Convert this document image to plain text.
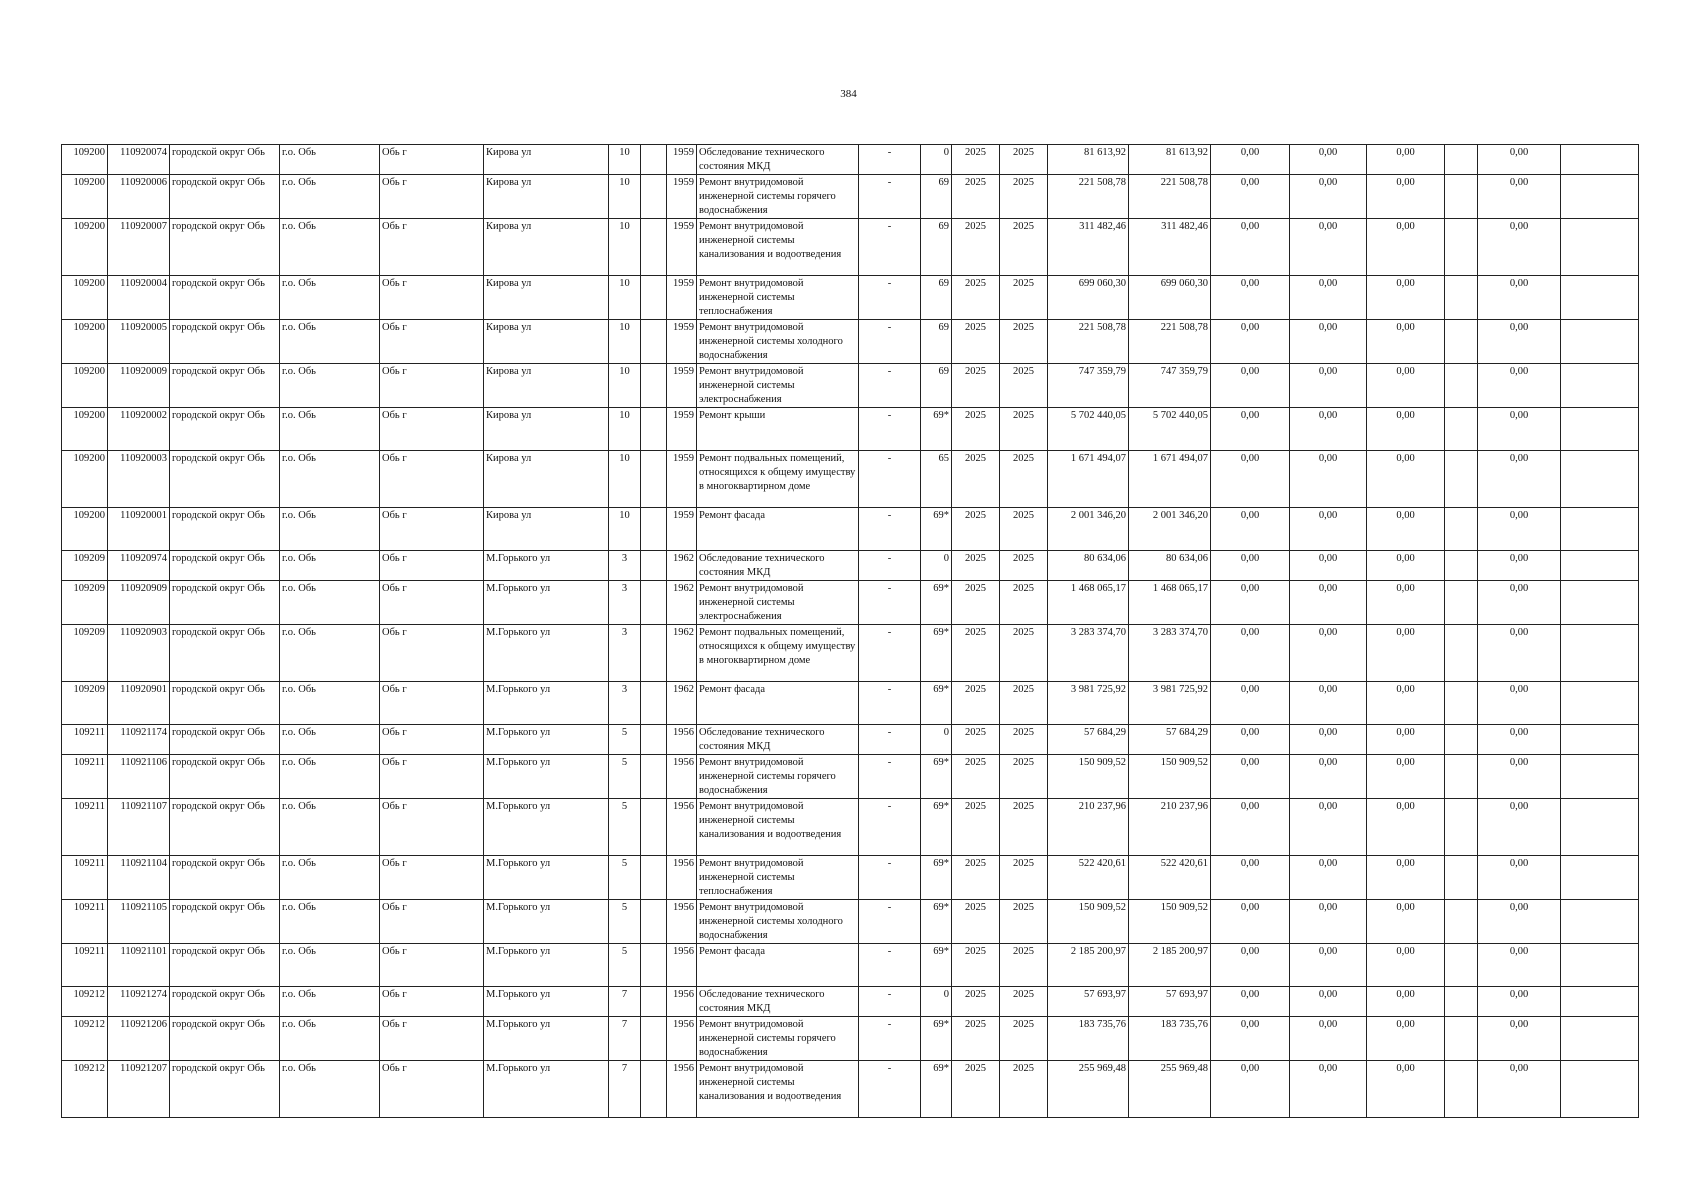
384
109200	110920074	городской округ Обь	г.о. Обь	Обь г	Кирова ул	10		1959	Обследование технического состояния МКД	-	0	2025	2025	81 613,92	81 613,92	0,00	0,00	0,00		0,00	
109200	110920006	городской округ Обь	г.о. Обь	Обь г	Кирова ул	10		1959	Ремонт внутридомовой инженерной системы горячего водоснабжения	-	69	2025	2025	221 508,78	221 508,78	0,00	0,00	0,00		0,00	
109200	110920007	городской округ Обь	г.о. Обь	Обь г	Кирова ул	10		1959	Ремонт внутридомовой инженерной системы канализования и водоотведения	-	69	2025	2025	311 482,46	311 482,46	0,00	0,00	0,00		0,00	
109200	110920004	городской округ Обь	г.о. Обь	Обь г	Кирова ул	10		1959	Ремонт внутридомовой инженерной системы теплоснабжения	-	69	2025	2025	699 060,30	699 060,30	0,00	0,00	0,00		0,00	
109200	110920005	городской округ Обь	г.о. Обь	Обь г	Кирова ул	10		1959	Ремонт внутридомовой инженерной системы холодного водоснабжения	-	69	2025	2025	221 508,78	221 508,78	0,00	0,00	0,00		0,00	
109200	110920009	городской округ Обь	г.о. Обь	Обь г	Кирова ул	10		1959	Ремонт внутридомовой инженерной системы электроснабжения	-	69	2025	2025	747 359,79	747 359,79	0,00	0,00	0,00		0,00	
109200	110920002	городской округ Обь	г.о. Обь	Обь г	Кирова ул	10		1959	Ремонт крыши	-	69*	2025	2025	5 702 440,05	5 702 440,05	0,00	0,00	0,00		0,00	
109200	110920003	городской округ Обь	г.о. Обь	Обь г	Кирова ул	10		1959	Ремонт подвальных помещений, относящихся к общему имуществу в многоквартирном доме	-	65	2025	2025	1 671 494,07	1 671 494,07	0,00	0,00	0,00		0,00	
109200	110920001	городской округ Обь	г.о. Обь	Обь г	Кирова ул	10		1959	Ремонт фасада	-	69*	2025	2025	2 001 346,20	2 001 346,20	0,00	0,00	0,00		0,00	
109209	110920974	городской округ Обь	г.о. Обь	Обь г	М.Горького ул	3		1962	Обследование технического состояния МКД	-	0	2025	2025	80 634,06	80 634,06	0,00	0,00	0,00		0,00	
109209	110920909	городской округ Обь	г.о. Обь	Обь г	М.Горького ул	3		1962	Ремонт внутридомовой инженерной системы электроснабжения	-	69*	2025	2025	1 468 065,17	1 468 065,17	0,00	0,00	0,00		0,00	
109209	110920903	городской округ Обь	г.о. Обь	Обь г	М.Горького ул	3		1962	Ремонт подвальных помещений, относящихся к общему имуществу в многоквартирном доме	-	69*	2025	2025	3 283 374,70	3 283 374,70	0,00	0,00	0,00		0,00	
109209	110920901	городской округ Обь	г.о. Обь	Обь г	М.Горького ул	3		1962	Ремонт фасада	-	69*	2025	2025	3 981 725,92	3 981 725,92	0,00	0,00	0,00		0,00	
109211	110921174	городской округ Обь	г.о. Обь	Обь г	М.Горького ул	5		1956	Обследование технического состояния МКД	-	0	2025	2025	57 684,29	57 684,29	0,00	0,00	0,00		0,00	
109211	110921106	городской округ Обь	г.о. Обь	Обь г	М.Горького ул	5		1956	Ремонт внутридомовой инженерной системы горячего водоснабжения	-	69*	2025	2025	150 909,52	150 909,52	0,00	0,00	0,00		0,00	
109211	110921107	городской округ Обь	г.о. Обь	Обь г	М.Горького ул	5		1956	Ремонт внутридомовой инженерной системы канализования и водоотведения	-	69*	2025	2025	210 237,96	210 237,96	0,00	0,00	0,00		0,00	
109211	110921104	городской округ Обь	г.о. Обь	Обь г	М.Горького ул	5		1956	Ремонт внутридомовой инженерной системы теплоснабжения	-	69*	2025	2025	522 420,61	522 420,61	0,00	0,00	0,00		0,00	
109211	110921105	городской округ Обь	г.о. Обь	Обь г	М.Горького ул	5		1956	Ремонт внутридомовой инженерной системы холодного водоснабжения	-	69*	2025	2025	150 909,52	150 909,52	0,00	0,00	0,00		0,00	
109211	110921101	городской округ Обь	г.о. Обь	Обь г	М.Горького ул	5		1956	Ремонт фасада	-	69*	2025	2025	2 185 200,97	2 185 200,97	0,00	0,00	0,00		0,00	
109212	110921274	городской округ Обь	г.о. Обь	Обь г	М.Горького ул	7		1956	Обследование технического состояния МКД	-	0	2025	2025	57 693,97	57 693,97	0,00	0,00	0,00		0,00	
109212	110921206	городской округ Обь	г.о. Обь	Обь г	М.Горького ул	7		1956	Ремонт внутридомовой инженерной системы горячего водоснабжения	-	69*	2025	2025	183 735,76	183 735,76	0,00	0,00	0,00		0,00	
109212	110921207	городской округ Обь	г.о. Обь	Обь г	М.Горького ул	7		1956	Ремонт внутридомовой инженерной системы канализования и водоотведения	-	69*	2025	2025	255 969,48	255 969,48	0,00	0,00	0,00		0,00	
